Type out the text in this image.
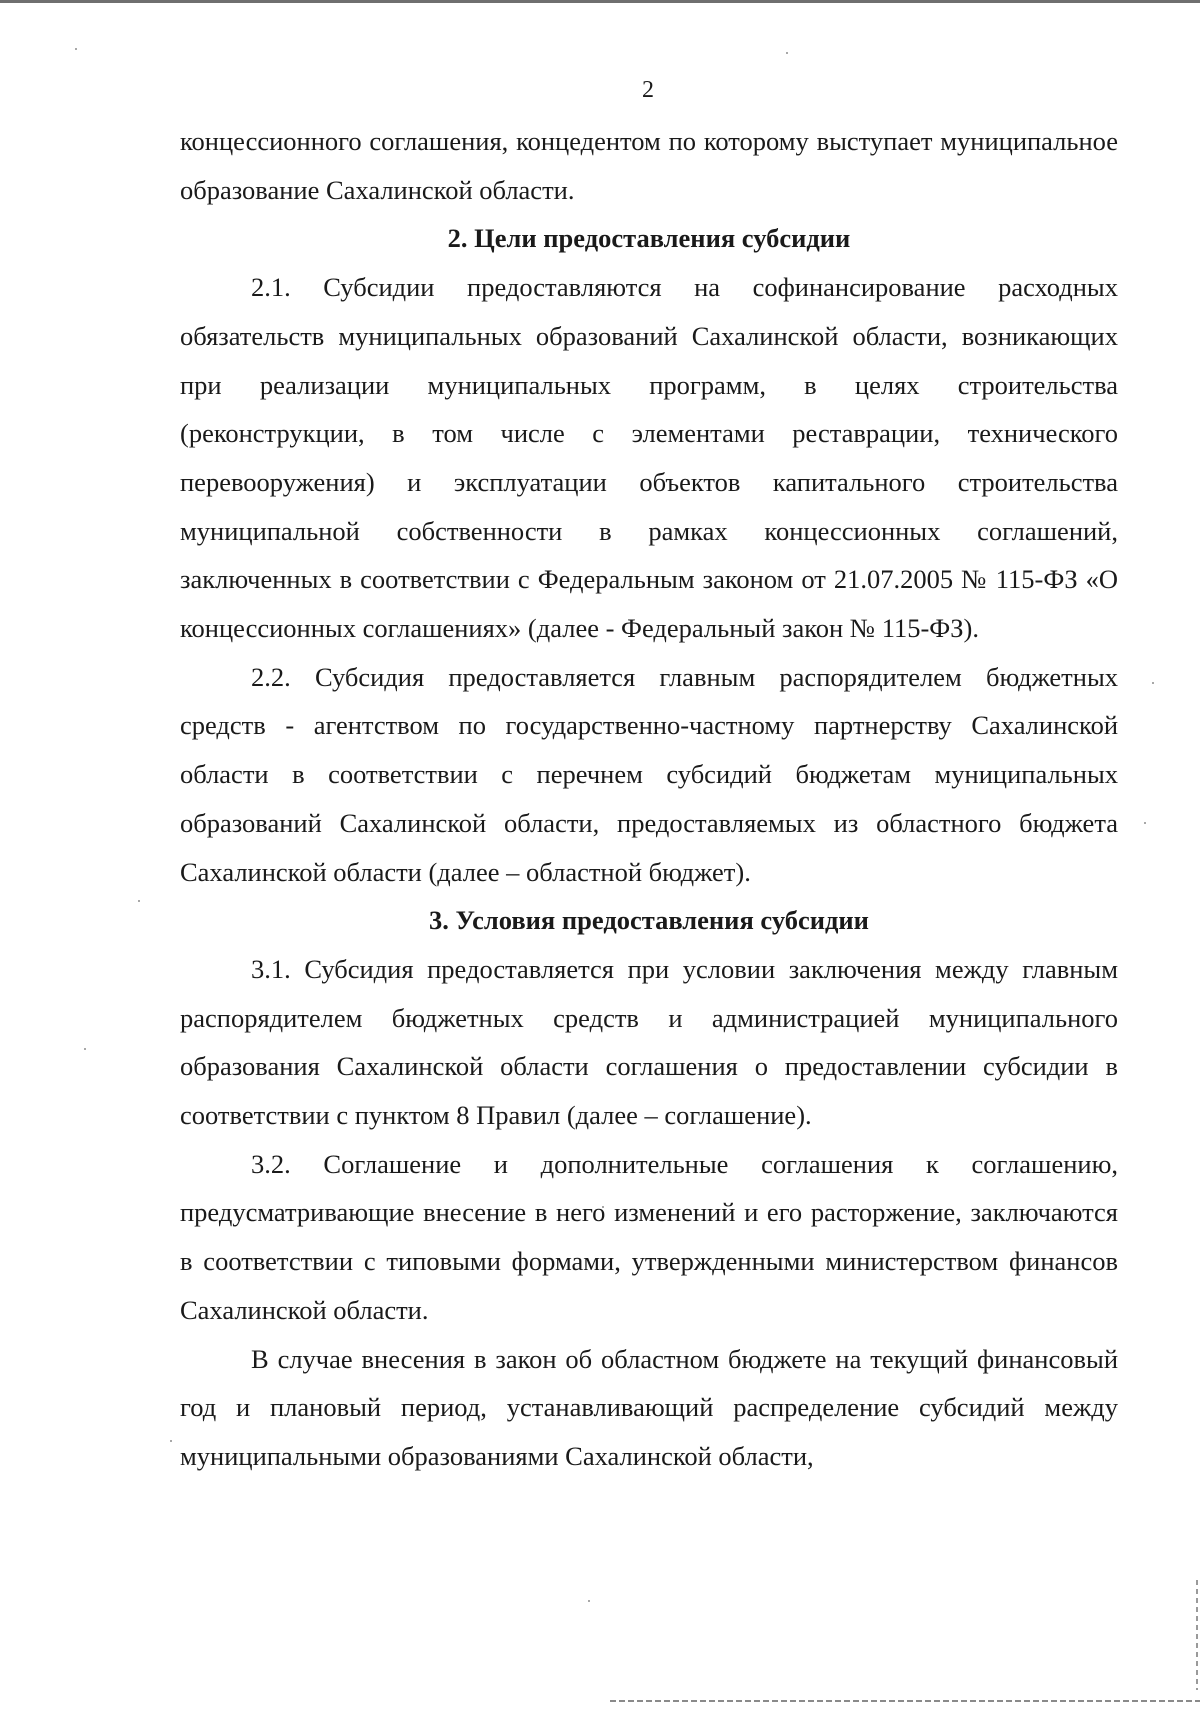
2

концессионного соглашения, концедентом по которому выступает муниципальное образование Сахалинской области.

2. Цели предоставления субсидии

2.1. Субсидии предоставляются на софинансирование расходных обязательств муниципальных образований Сахалинской области, возникающих при реализации муниципальных программ, в целях строительства (реконструкции, в том числе с элементами реставрации, технического перевооружения) и эксплуатации объектов капитального строительства муниципальной собственности в рамках концессионных соглашений, заключенных в соответствии с Федеральным законом от 21.07.2005 № 115-ФЗ «О концессионных соглашениях» (далее - Федеральный закон № 115-ФЗ).

2.2. Субсидия предоставляется главным распорядителем бюджетных средств - агентством по государственно-частному партнерству Сахалинской области в соответствии с перечнем субсидий бюджетам муниципальных образований Сахалинской области, предоставляемых из областного бюджета Сахалинской области (далее – областной бюджет).

3. Условия предоставления субсидии

3.1. Субсидия предоставляется при условии заключения между главным распорядителем бюджетных средств и администрацией муниципального образования Сахалинской области соглашения о предоставлении субсидии в соответствии с пунктом 8 Правил (далее – соглашение).

3.2. Соглашение и дополнительные соглашения к соглашению, предусматривающие внесение в него изменений и его расторжение, заключаются в соответствии с типовыми формами, утвержденными министерством финансов Сахалинской области.

В случае внесения в закон об областном бюджете на текущий финансовый год и плановый период, устанавливающий распределение субсидий между муниципальными образованиями Сахалинской области,
